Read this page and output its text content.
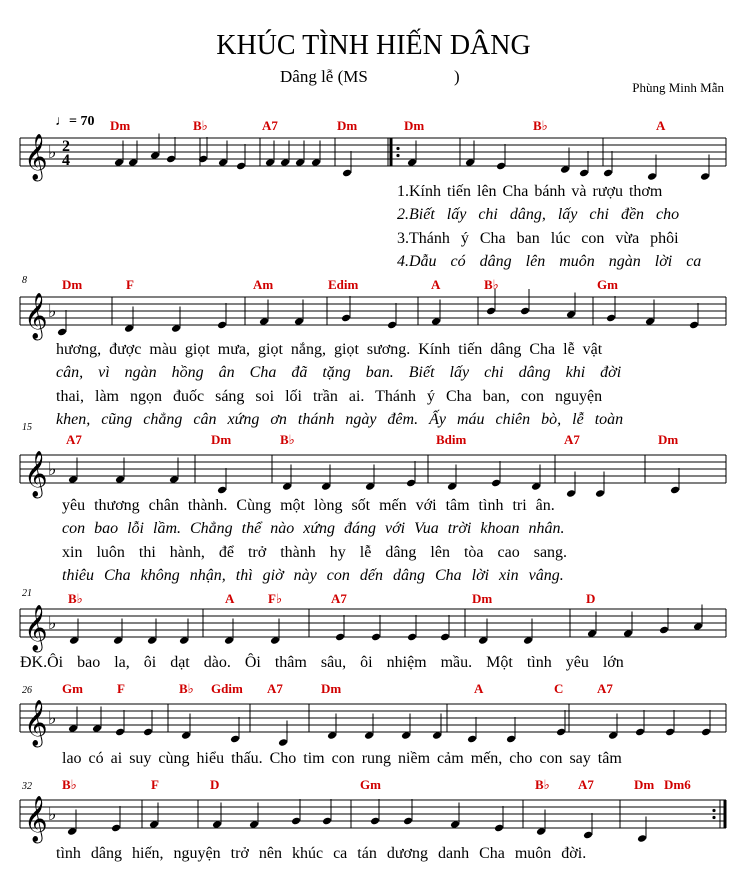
𝄞 ♭ 2
4
𝄞 ♭
𝄞 ♭
𝄞 ♭
𝄞 ♭
𝄞 ♭
KHÚC TÌNH HIẾN DÂNG
Dâng lễ (MS	)
Phùng Minh Mẫn
♩= 70
8
15
21
26
32
Dm	B♭	A7	Dm	Dm	B♭	A
1.Kính tiến lên Cha bánh và rượu thơm
2.Biết lấy chi dâng, lấy chi đền cho
3.Thánh ý Cha ban lúc con vừa phôi
4.Dẫu có dâng lên muôn ngàn lời ca
Dm	F	Am	Edim	A	B♭	Gm
hương, được màu giọt mưa, giọt nắng, giọt sương. Kính tiến dâng Cha lễ vật
cân, vì ngàn hồng ân Cha đã tặng ban. Biết lấy chi dâng khi đời
thai, làm ngọn đuốc sáng soi lối trần ai. Thánh ý Cha ban, con nguyện
khen, cũng chẳng cân xứng ơn thánh ngày đêm. Ấy máu chiên bò, lễ toàn
A7	Dm	B♭	Bdim	A7	Dm
yêu thương chân thành. Cùng một lòng sốt mến với tâm tình tri ân.
con bao lỗi lầm. Chẳng thể nào xứng đáng với Vua trời khoan nhân.
xin luôn thi hành, để trở thành hy lễ dâng lên tòa cao sang.
thiêu Cha không nhận, thì giờ này con dến dâng Cha lời xin vâng.
B♭	A	F♭	A7	Dm	D
ĐK.Ôi bao la, ôi dạt dào. Ôi thâm sâu, ôi nhiệm mầu. Một tình yêu lớn
Gm	F	B♭ Gdim A7	Dm	A	C	A7
lao có ai suy cùng hiểu thấu. Cho tim con rung niềm cảm mến, cho con say tâm
B♭	F	D	Gm	B♭ A7	Dm Dm6
tình dâng hiến, nguyện trở nên khúc ca tán dương danh Cha muôn đời.
